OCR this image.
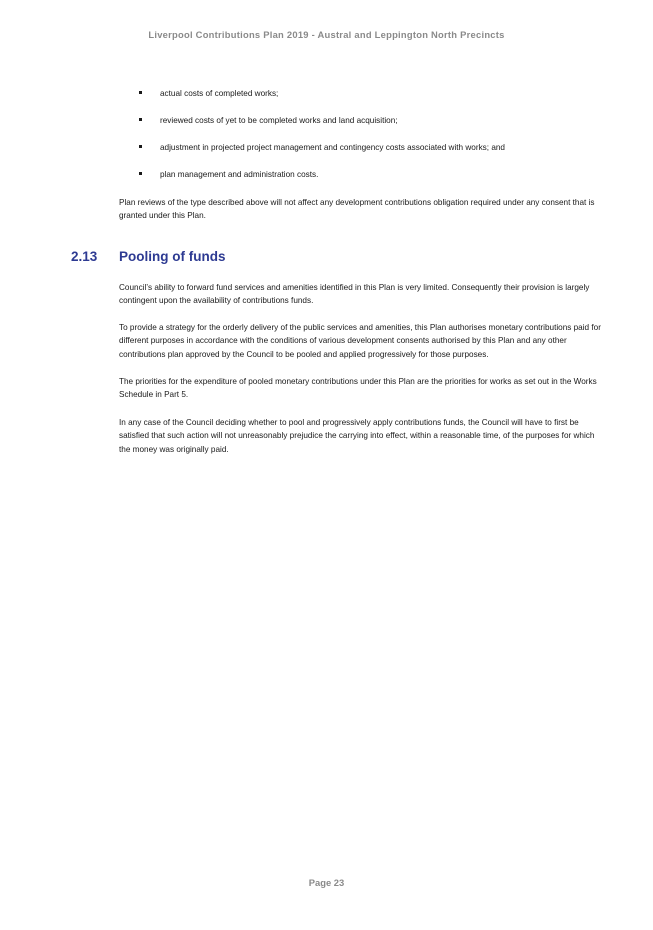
Liverpool Contributions Plan 2019 - Austral and Leppington North Precincts
actual costs of completed works;
reviewed costs of yet to be completed works and land acquisition;
adjustment in projected project management and contingency costs associated with works; and
plan management and administration costs.

Plan reviews of the type described above will not affect any development contributions obligation required under any consent that is granted under this Plan.

2.13 Pooling of funds

Council’s ability to forward fund services and amenities identified in this Plan is very limited. Consequently their provision is largely contingent upon the availability of contributions funds.

To provide a strategy for the orderly delivery of the public services and amenities, this Plan authorises monetary contributions paid for different purposes in accordance with the conditions of various development consents authorised by this Plan and any other contributions plan approved by the Council to be pooled and applied progressively for those purposes.

The priorities for the expenditure of pooled monetary contributions under this Plan are the priorities for works as set out in the Works Schedule in Part 5.

In any case of the Council deciding whether to pool and progressively apply contributions funds, the Council will have to first be satisfied that such action will not unreasonably prejudice the carrying into effect, within a reasonable time, of the purposes for which the money was originally paid.

Page 23
